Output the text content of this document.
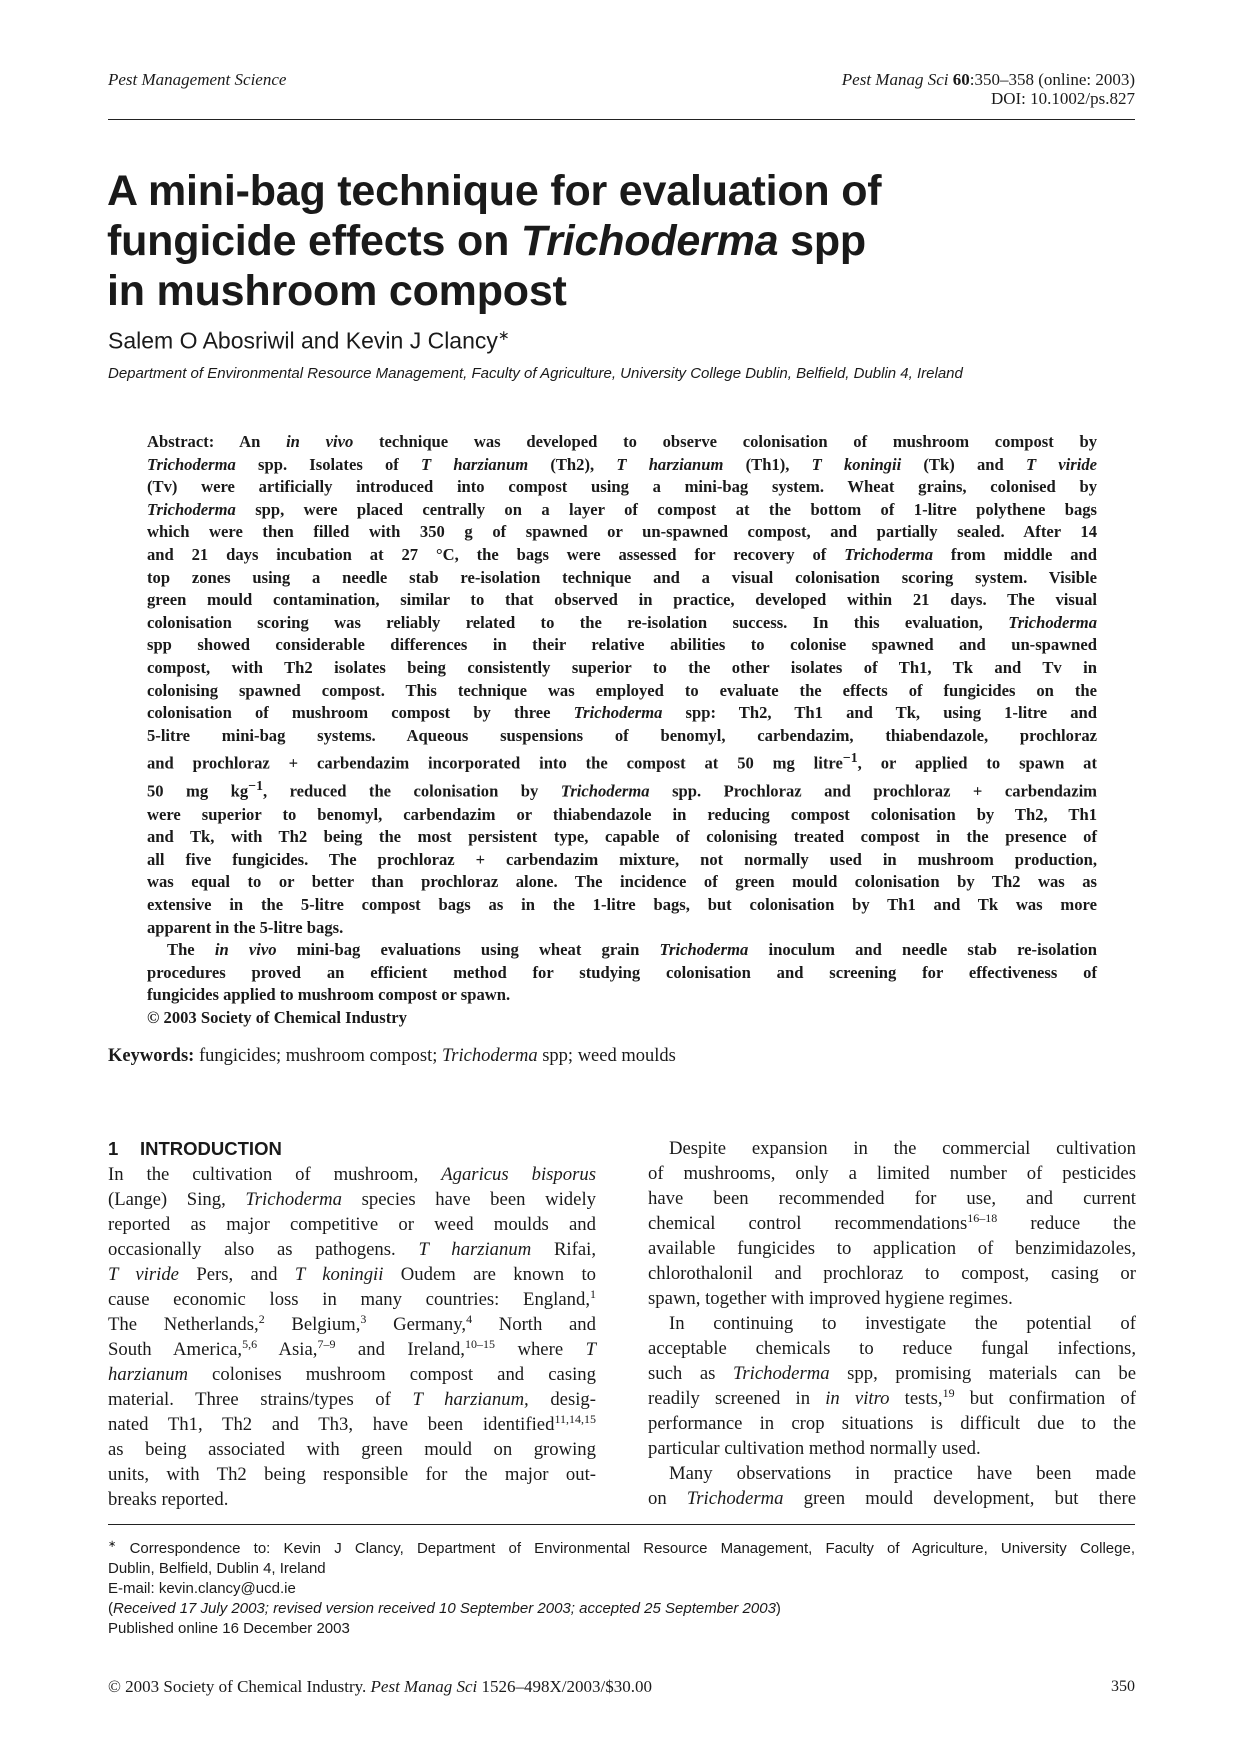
Pest Management Science	Pest Manag Sci 60:350–358 (online: 2003)
DOI: 10.1002/ps.827
A mini-bag technique for evaluation of
fungicide effects on Trichoderma spp
in mushroom compost
Salem O Abosriwil and Kevin J Clancy∗
Department of Environmental Resource Management, Faculty of Agriculture, University College Dublin, Belfield, Dublin 4, Ireland
Abstract: An in vivo technique was developed to observe colonisation of mushroom compost by
Trichoderma spp. Isolates of T harzianum (Th2), T harzianum (Th1), T koningii (Tk) and T viride
(Tv) were artificially introduced into compost using a mini-bag system. Wheat grains, colonised by
Trichoderma spp, were placed centrally on a layer of compost at the bottom of 1-litre polythene bags
which were then filled with 350 g of spawned or un-spawned compost, and partially sealed. After 14
and 21 days incubation at 27 °C, the bags were assessed for recovery of Trichoderma from middle and
top zones using a needle stab re-isolation technique and a visual colonisation scoring system. Visible
green mould contamination, similar to that observed in practice, developed within 21 days. The visual
colonisation scoring was reliably related to the re-isolation success. In this evaluation, Trichoderma
spp showed considerable differences in their relative abilities to colonise spawned and un-spawned
compost, with Th2 isolates being consistently superior to the other isolates of Th1, Tk and Tv in
colonising spawned compost. This technique was employed to evaluate the effects of fungicides on the
colonisation of mushroom compost by three Trichoderma spp: Th2, Th1 and Tk, using 1-litre and
5-litre mini-bag systems. Aqueous suspensions of benomyl, carbendazim, thiabendazole, prochloraz
and prochloraz + carbendazim incorporated into the compost at 50 mg litre$^{-1}$, or applied to spawn at
50 mg $kg^{-1}$, reduced the colonisation by Trichoderma spp. Prochloraz and prochloraz + carbendazim
were superior to benomyl, carbendazim or thiabendazole in reducing compost colonisation by Th2, Th1
and Tk, with Th2 being the most persistent type, capable of colonising treated compost in the presence of
all five fungicides. The prochloraz + carbendazim mixture, not normally used in mushroom production,
was equal to or better than prochloraz alone. The incidence of green mould colonisation by Th2 was as
extensive in the 5-litre compost bags as in the 1-litre bags, but colonisation by Th1 and Tk was more
apparent in the 5-litre bags.
The in vivo mini-bag evaluations using wheat grain Trichoderma inoculum and needle stab re-isolation
procedures proved an efficient method for studying colonisation and screening for effectiveness of
fungicides applied to mushroom compost or spawn.
© 2003 Society of Chemical Industry
Keywords: fungicides; mushroom compost; Trichoderma spp; weed moulds
1 INTRODUCTION
In the cultivation of mushroom, Agaricus bisporus
(Lange) Sing, Trichoderma species have been widely
reported as major competitive or weed moulds and
occasionally also as pathogens. T harzianum Rifai,
T viride Pers, and T koningii Oudem are known to
cause economic loss in many countries: England,$^1$
The Netherlands,$^2$ Belgium,$^3$ Germany,$^4$ North and
South America,$^{5,6}$ Asia,$^{7-9}$ and Ireland,$^{10-15}$ where T
harzianum colonises mushroom compost and casing
material. Three strains/types of T harzianum, desig-
nated Th1, Th2 and Th3, have been identified$^{11,14,15}$
as being associated with green mould on growing
units, with Th2 being responsible for the major out-
breaks reported.
Despite expansion in the commercial cultivation
of mushrooms, only a limited number of pesticides
have been recommended for use, and current
chemical control recommendations$^{16-18}$ reduce the
available fungicides to application of benzimidazoles,
chlorothalonil and prochloraz to compost, casing or
spawn, together with improved hygiene regimes.
In continuing to investigate the potential of
acceptable chemicals to reduce fungal infections,
such as Trichoderma spp, promising materials can be
readily screened in in vitro tests,$^{19}$ but confirmation of
performance in crop situations is difficult due to the
particular cultivation method normally used.
Many observations in practice have been made
on Trichoderma green mould development, but there
∗ Correspondence to: Kevin J Clancy, Department of Environmental Resource Management, Faculty of Agriculture, University College,
Dublin, Belfield, Dublin 4, Ireland
E-mail: kevin.clancy@ucd.ie
(Received 17 July 2003; revised version received 10 September 2003; accepted 25 September 2003)
Published online 16 December 2003
© 2003 Society of Chemical Industry. Pest Manag Sci 1526–498X/2003/$30.00	350
